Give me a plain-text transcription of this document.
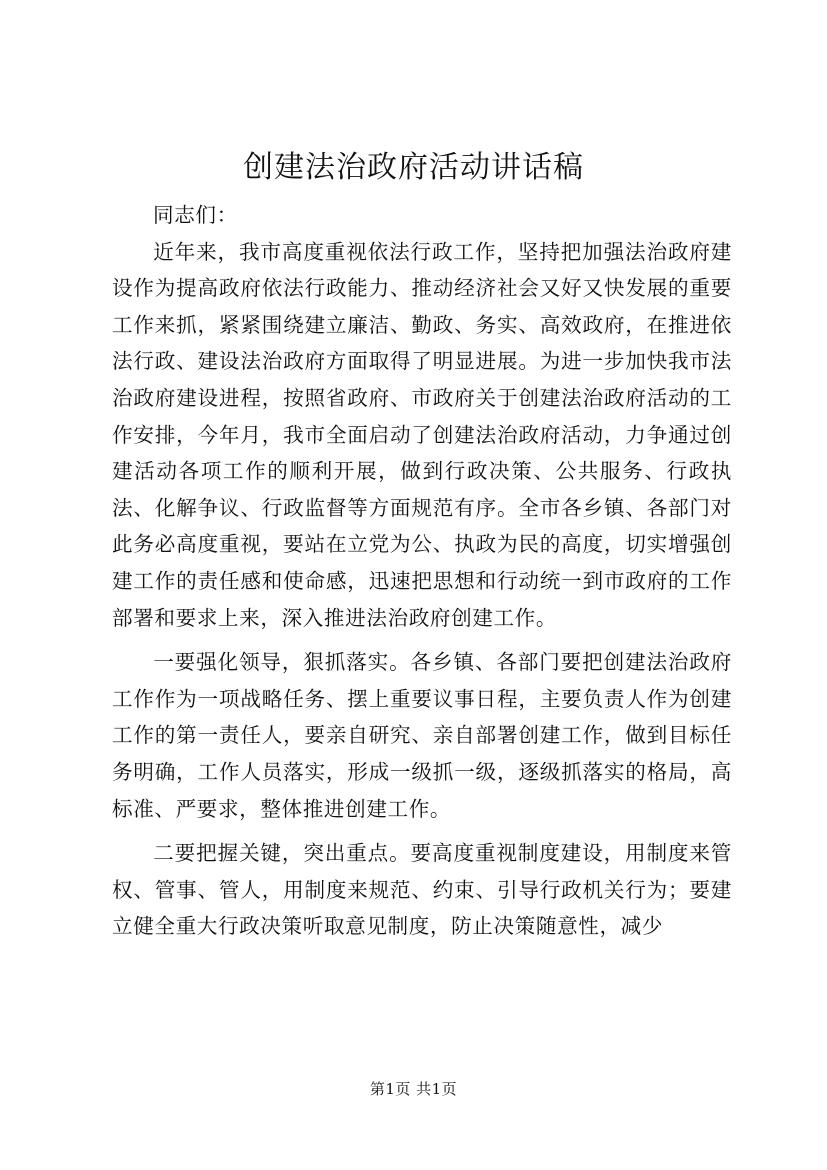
创建法治政府活动讲话稿

同志们：

近年来，我市高度重视依法行政工作，坚持把加强法治政府建设作为提高政府依法行政能力、推动经济社会又好又快发展的重要工作来抓，紧紧围绕建立廉洁、勤政、务实、高效政府，在推进依法行政、建设法治政府方面取得了明显进展。为进一步加快我市法治政府建设进程，按照省政府、市政府关于创建法治政府活动的工作安排，今年月，我市全面启动了创建法治政府活动，力争通过创建活动各项工作的顺利开展，做到行政决策、公共服务、行政执法、化解争议、行政监督等方面规范有序。全市各乡镇、各部门对此务必高度重视，要站在立党为公、执政为民的高度，切实增强创建工作的责任感和使命感，迅速把思想和行动统一到市政府的工作部署和要求上来，深入推进法治政府创建工作。

一要强化领导，狠抓落实。各乡镇、各部门要把创建法治政府工作作为一项战略任务、摆上重要议事日程，主要负责人作为创建工作的第一责任人，要亲自研究、亲自部署创建工作，做到目标任务明确，工作人员落实，形成一级抓一级，逐级抓落实的格局，高标准、严要求，整体推进创建工作。

二要把握关键，突出重点。要高度重视制度建设，用制度来管权、管事、管人，用制度来规范、约束、引导行政机关行为；要建立健全重大行政决策听取意见制度，防止决策随意性，减少

第1页 共1页
